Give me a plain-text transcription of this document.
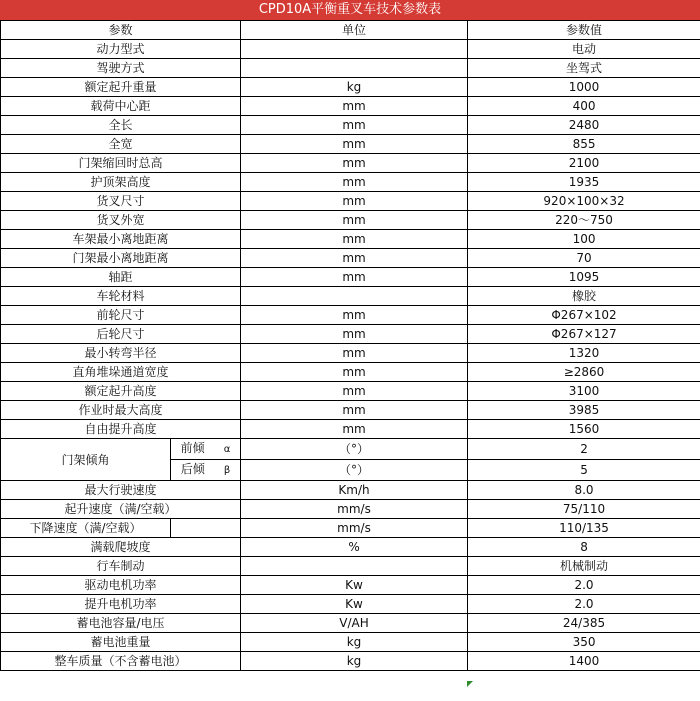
CPD10A平衡重叉车技术参数表
参数		单位	参数值
动力型式			电动
驾驶方式			坐驾式
额定起升重量		kg	1000
载荷中心距		mm	400
全长		mm	2480
全宽		mm	855
门架缩回时总高		mm	2100
护顶架高度		mm	1935
货叉尺寸		mm	920×100×32
货叉外宽		mm	220～750
车架最小离地距离		mm	100
门架最小离地距离		mm	70
轴距		mm	1095
车轮材料			橡胶
前轮尺寸		mm	Φ267×102
后轮尺寸		mm	Φ267×127
最小转弯半径		mm	1320
直角堆垛通道宽度		mm	≥2860
额定起升高度		mm	3100
作业时最大高度		mm	3985
自由提升高度		mm	1560
门架倾角	前倾 α	（°）	2
	后倾 β	（°）	5
最大行驶速度		Km/h	8.0
起升速度（满/空载）		mm/s	75/110
下降速度（满/空载）		mm/s	110/135
满载爬坡度		%	8
行车制动			机械制动
驱动电机功率		Kw	2.0
提升电机功率		Kw	2.0
蓄电池容量/电压		V/AH	24/385
蓄电池重量		kg	350
整车质量（不含蓄电池）		kg	1400
